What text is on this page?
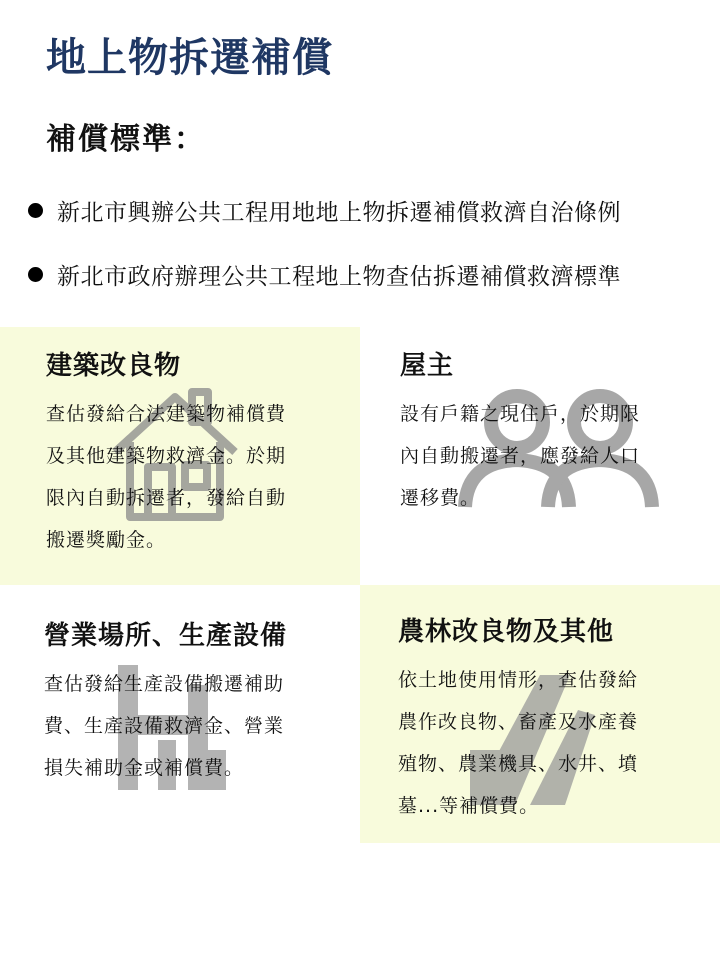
地上物拆遷補償
補償標準：
新北市興辦公共工程用地地上物拆遷補償救濟自治條例
新北市政府辦理公共工程地上物查估拆遷補償救濟標準
建築改良物
查估發給合法建築物補償費
及其他建築物救濟金。於期
限內自動拆遷者，發給自動
搬遷獎勵金。
屋主
設有戶籍之現住戶，於期限
內自動搬遷者，應發給人口
遷移費。
營業場所、生產設備
查估發給生產設備搬遷補助
費、生產設備救濟金、營業
損失補助金或補償費。
農林改良物及其他
依土地使用情形，查估發給
農作改良物、畜產及水產養
殖物、農業機具、水井、墳
墓...等補償費。
